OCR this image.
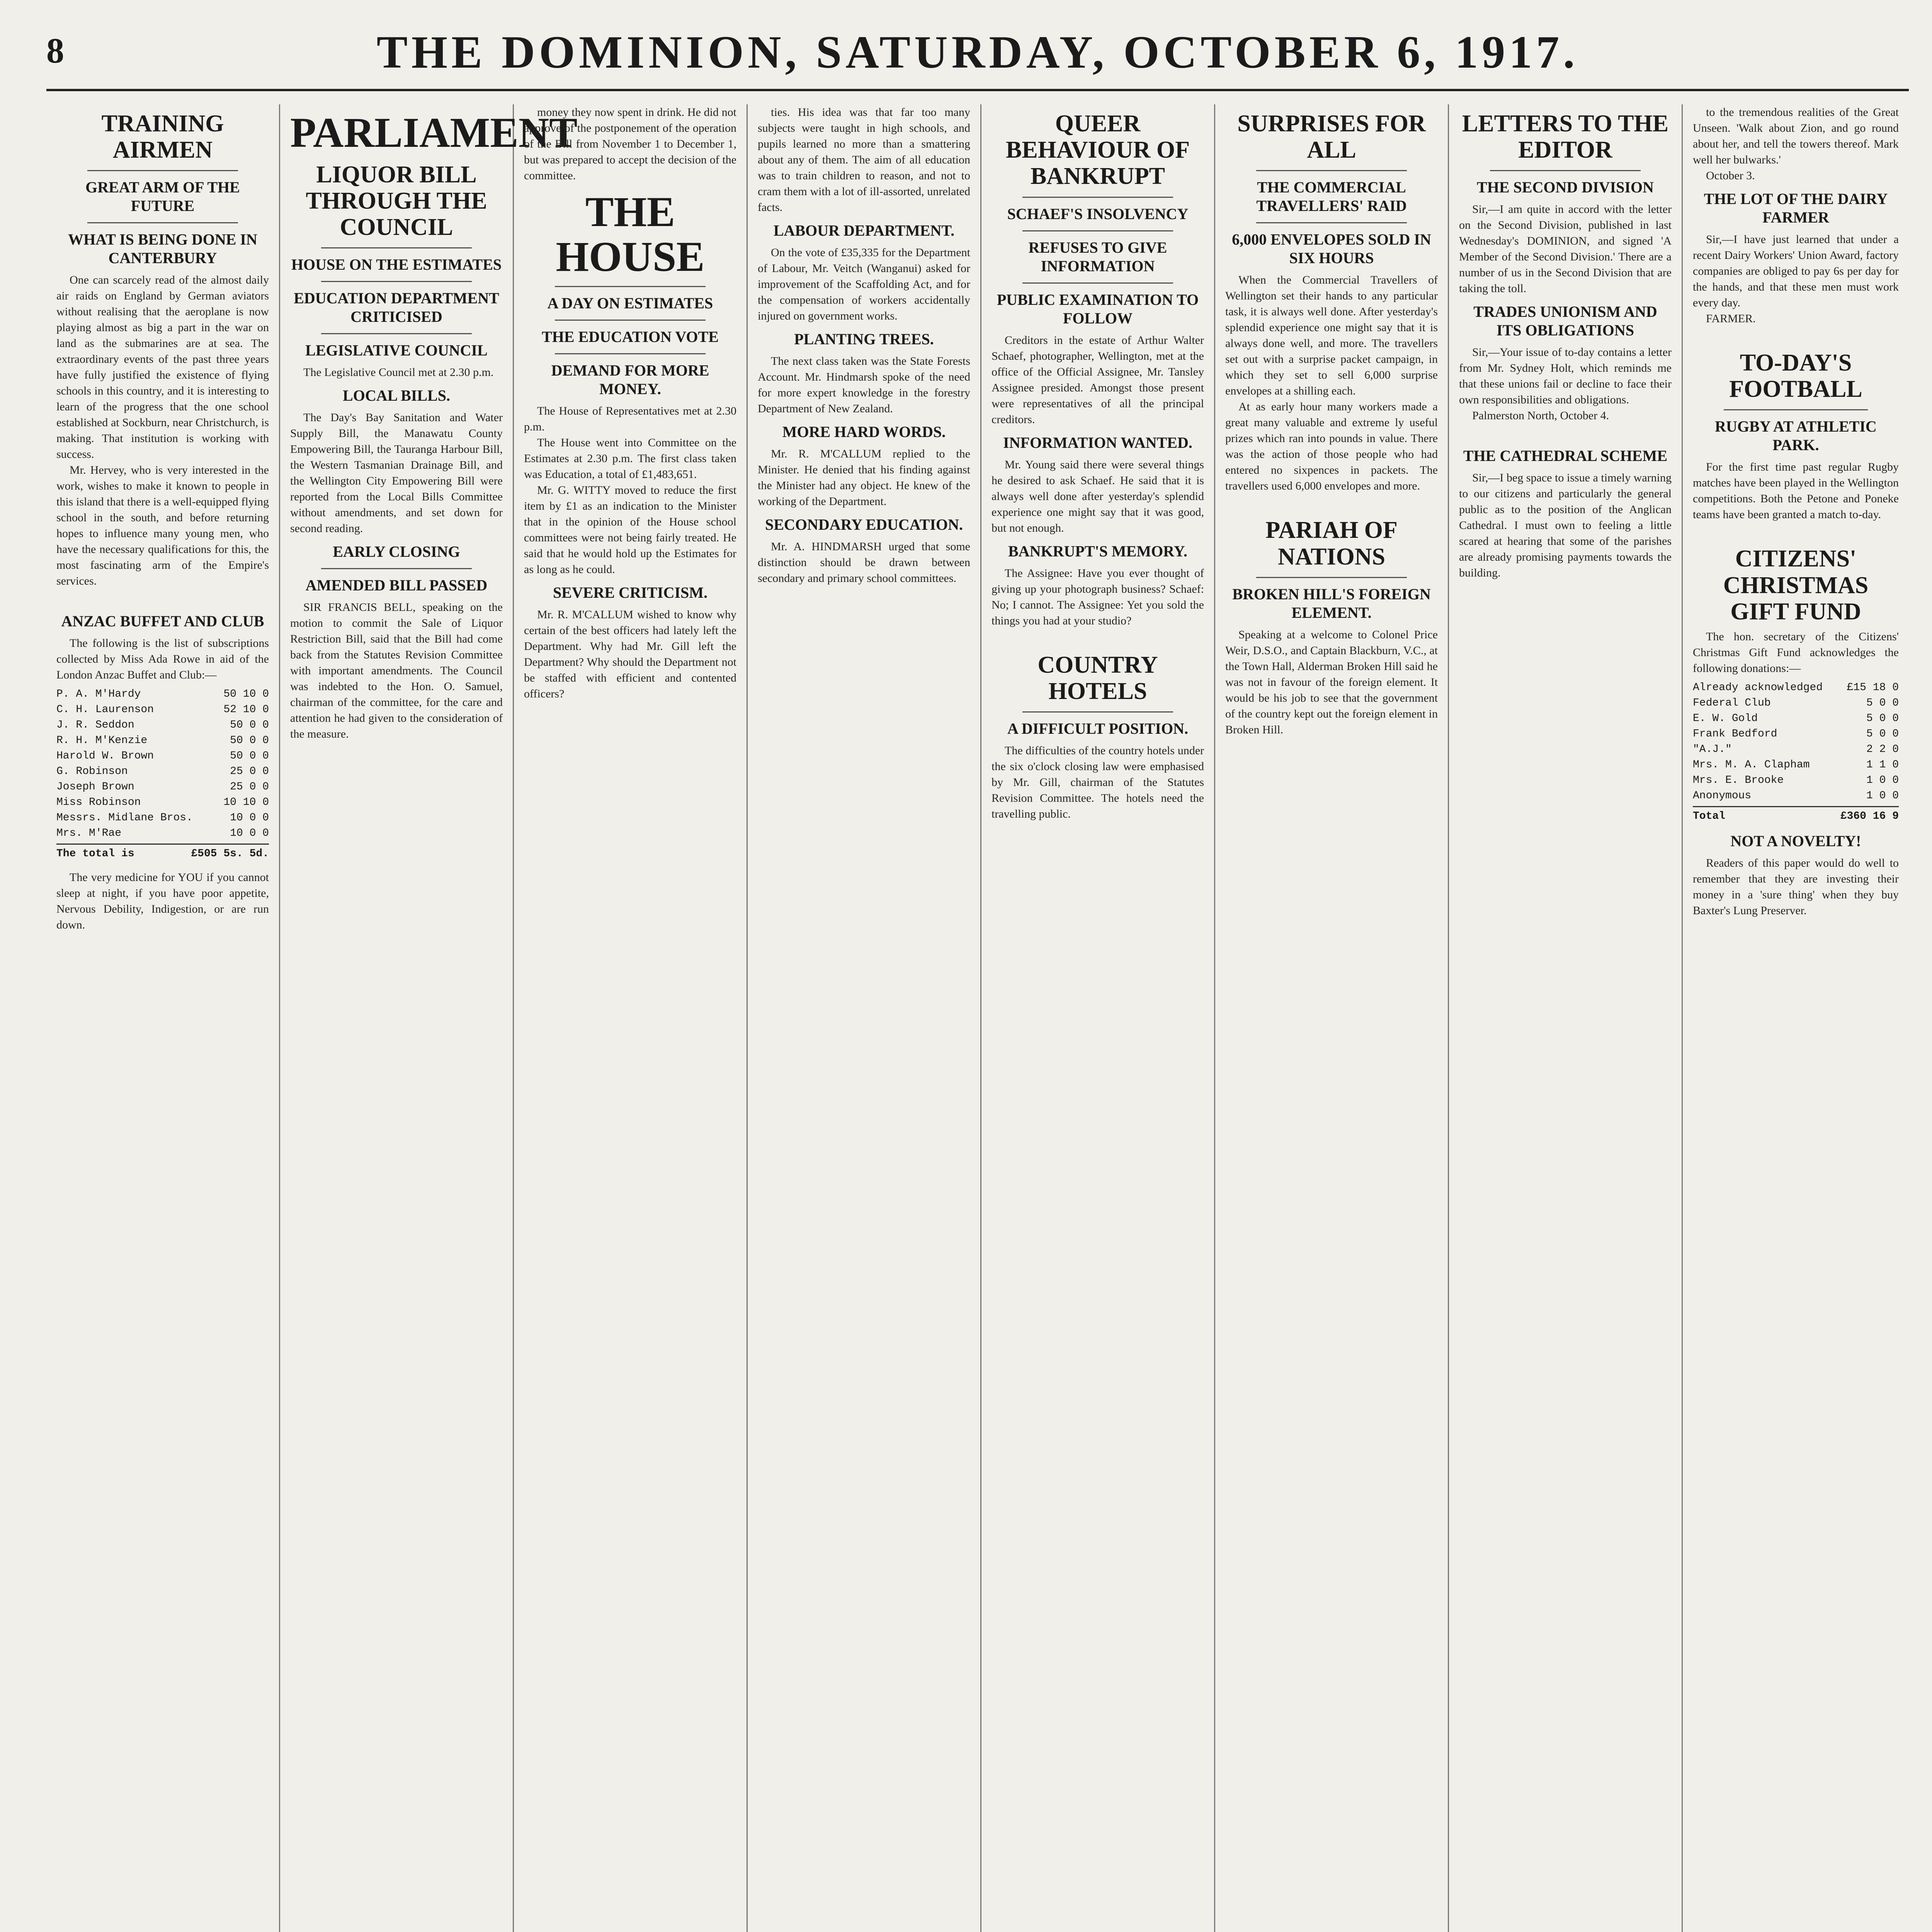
8	THE DOMINION, SATURDAY, OCTOBER 6, 1917.
TRAINING AIRMEN
GREAT ARM OF THE FUTURE
WHAT IS BEING DONE IN CANTERBURY

One can scarcely read of the almost daily air raids on England by German aviators without realising that the aeroplane is now playing almost as big a part in the war on land as the submarines are at sea. The extraordinary events of the past three years have fully justified the existence of flying schools in this country, and it is interesting to learn of the progress that the one school established at Sockburn, near Christchurch, is making. That institution is working with success.

Mr. Hervey, who is very interested in the work, wishes to make it known to people in this island that there is a well-equipped flying school in the south, and before returning hopes to influence many young men, who have the necessary qualifications for this, the most fascinating arm of the Empire's services.

ANZAC BUFFET AND CLUB

The following is the list of subscriptions collected by Miss Ada Rowe in aid of the London Anzac Buffet and Club:—

P. A. M'Hardy	50 10 0
C. H. Laurenson	52 10 0
J. R. Seddon	50 0 0
R. H. M'Kenzie	50 0 0
Harold W. Brown	50 0 0
G. Robinson	25 0 0
Joseph Brown	25 0 0
Miss Robinson	10 10 0
Messrs. Midlane Bros.	10 0 0
Mrs. M'Rae	10 0 0
The total is	£505 5s. 5d.

The very medicine for YOU if you cannot sleep at night, if you have poor appetite, Nervous Debility, Indigestion, or are run down.

PARLIAMENT
LIQUOR BILL THROUGH THE COUNCIL
HOUSE ON THE ESTIMATES
EDUCATION DEPARTMENT CRITICISED
LEGISLATIVE COUNCIL

The Legislative Council met at 2.30 p.m.

LOCAL BILLS.

The Day's Bay Sanitation and Water Supply Bill, the Manawatu County Empowering Bill, the Tauranga Harbour Bill, the Western Tasmanian Drainage Bill, and the Wellington City Empowering Bill were reported from the Local Bills Committee without amendments, and set down for second reading.

EARLY CLOSING
AMENDED BILL PASSED

SIR FRANCIS BELL, speaking on the motion to commit the Sale of Liquor Restriction Bill, said that the Bill had come back from the Statutes Revision Committee with important amendments. The Council was indebted to the Hon. O. Samuel, chairman of the committee, for the care and attention he had given to the consideration of the measure.

money they now spent in drink. He did not approve of the postponement of the operation of the Bill from November 1 to December 1, but was prepared to accept the decision of the committee.

THE HOUSE
A DAY ON ESTIMATES
THE EDUCATION VOTE
DEMAND FOR MORE MONEY.

The House of Representatives met at 2.30 p.m.

The House went into Committee on the Estimates at 2.30 p.m. The first class taken was Education, a total of £1,483,651.

Mr. G. WITTY moved to reduce the first item by £1 as an indication to the Minister that in the opinion of the House school committees were not being fairly treated. He said that he would hold up the Estimates for as long as he could.

SEVERE CRITICISM.

Mr. R. M'CALLUM wished to know why certain of the best officers had lately left the Department. Why had Mr. Gill left the Department? Why should the Department not be staffed with efficient and contented officers?

ties. His idea was that far too many subjects were taught in high schools, and pupils learned no more than a smattering about any of them. The aim of all education was to train children to reason, and not to cram them with a lot of ill-assorted, unrelated facts.

LABOUR DEPARTMENT.

On the vote of £35,335 for the Department of Labour, Mr. Veitch (Wanganui) asked for improvement of the Scaffolding Act, and for the compensation of workers accidentally injured on government works.

PLANTING TREES.

The next class taken was the State Forests Account. Mr. Hindmarsh spoke of the need for more expert knowledge in the forestry Department of New Zealand.

MORE HARD WORDS.

Mr. R. M'CALLUM replied to the Minister. He denied that his finding against the Minister had any object. He knew of the working of the Department.

SECONDARY EDUCATION.

Mr. A. HINDMARSH urged that some distinction should be drawn between secondary and primary school committees.

QUEER BEHAVIOUR OF BANKRUPT
SCHAEF'S INSOLVENCY
REFUSES TO GIVE INFORMATION
PUBLIC EXAMINATION TO FOLLOW

Creditors in the estate of Arthur Walter Schaef, photographer, Wellington, met at the office of the Official Assignee, Mr. Tansley Assignee presided. Amongst those present were representatives of all the principal creditors.

INFORMATION WANTED.

Mr. Young said there were several things he desired to ask Schaef. He said that it is always well done after yesterday's splendid experience one might say that it was good, but not enough.

BANKRUPT'S MEMORY.

The Assignee: Have you ever thought of giving up your photograph business? Schaef: No; I cannot. The Assignee: Yet you sold the things you had at your studio?

COUNTRY HOTELS
A DIFFICULT POSITION.

The difficulties of the country hotels under the six o'clock closing law were emphasised by Mr. Gill, chairman of the Statutes Revision Committee. The hotels need the travelling public.

SURPRISES FOR ALL
THE COMMERCIAL TRAVELLERS' RAID
6,000 ENVELOPES SOLD IN SIX HOURS

When the Commercial Travellers of Wellington set their hands to any particular task, it is always well done. After yesterday's splendid experience one might say that it is always done well, and more. The travellers set out with a surprise packet campaign, in which they set to sell 6,000 surprise envelopes at a shilling each.

At as early hour many workers made a great many valuable and extreme ly useful prizes which ran into pounds in value. There was the action of those people who had entered no sixpences in packets. The travellers used 6,000 envelopes and more.

PARIAH OF NATIONS
BROKEN HILL'S FOREIGN ELEMENT.

Speaking at a welcome to Colonel Price Weir, D.S.O., and Captain Blackburn, V.C., at the Town Hall, Alderman Broken Hill said he was not in favour of the foreign element. It would be his job to see that the government of the country kept out the foreign element in Broken Hill.

LETTERS TO THE EDITOR
THE SECOND DIVISION

Sir,—I am quite in accord with the letter on the Second Division, published in last Wednesday's DOMINION, and signed 'A Member of the Second Division.' There are a number of us in the Second Division that are taking the toll.

TRADES UNIONISM AND ITS OBLIGATIONS

Sir,—Your issue of to-day contains a letter from Mr. Sydney Holt, which reminds me that these unions fail or decline to face their own responsibilities and obligations.

Palmerston North, October 4.

THE CATHEDRAL SCHEME

Sir,—I beg space to issue a timely warning to our citizens and particularly the general public as to the position of the Anglican Cathedral. I must own to feeling a little scared at hearing that some of the parishes are already promising payments towards the building.

to the tremendous realities of the Great Unseen. 'Walk about Zion, and go round about her, and tell the towers thereof. Mark well her bulwarks.'

October 3.

THE LOT OF THE DAIRY FARMER

Sir,—I have just learned that under a recent Dairy Workers' Union Award, factory companies are obliged to pay 6s per day for the hands, and that these men must work every day.

FARMER.

TO-DAY'S FOOTBALL
RUGBY AT ATHLETIC PARK.

For the first time past regular Rugby matches have been played in the Wellington competitions. Both the Petone and Poneke teams have been granted a match to-day.

CITIZENS' CHRISTMAS GIFT FUND

The hon. secretary of the Citizens' Christmas Gift Fund acknowledges the following donations:—

Already acknowledged	£15 18 0
Federal Club	5 0 0
E. W. Gold	5 0 0
Frank Bedford	5 0 0
"A.J."	2 2 0
Mrs. M. A. Clapham	1 1 0
Mrs. E. Brooke	1 0 0
Anonymous	1 0 0
Total	£360 16 9
NOT A NOVELTY!

Readers of this paper would do well to remember that they are investing their money in a 'sure thing' when they buy Baxter's Lung Preserver.
